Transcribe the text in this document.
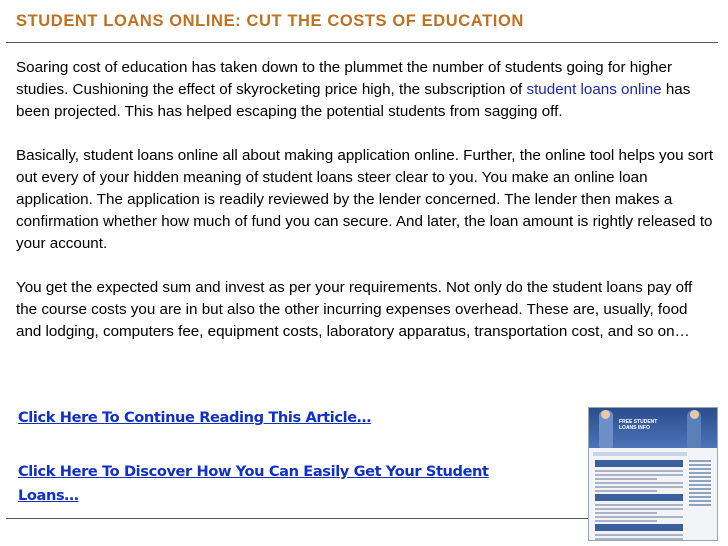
STUDENT LOANS ONLINE: CUT THE COSTS OF EDUCATION

Soaring cost of education has taken down to the plummet the number of students going for higher studies. Cushioning the effect of skyrocketing price high, the subscription of student loans online has been projected. This has helped escaping the potential students from sagging off.

Basically, student loans online all about making application online. Further, the online tool helps you sort out every of your hidden meaning of student loans steer clear to you. You make an online loan application. The application is readily reviewed by the lender concerned. The lender then makes a confirmation whether how much of fund you can secure. And later, the loan amount is rightly released to your account.

You get the expected sum and invest as per your requirements. Not only do the student loans pay off the course costs you are in but also the other incurring expenses overhead. These are, usually, food and lodging, computers fee, equipment costs, laboratory apparatus, transportation cost, and so on…

Click Here To Continue Reading This Article…
Click Here To Discover How You Can Easily Get Your Student Loans…
FREE STUDENT LOANS INFO
